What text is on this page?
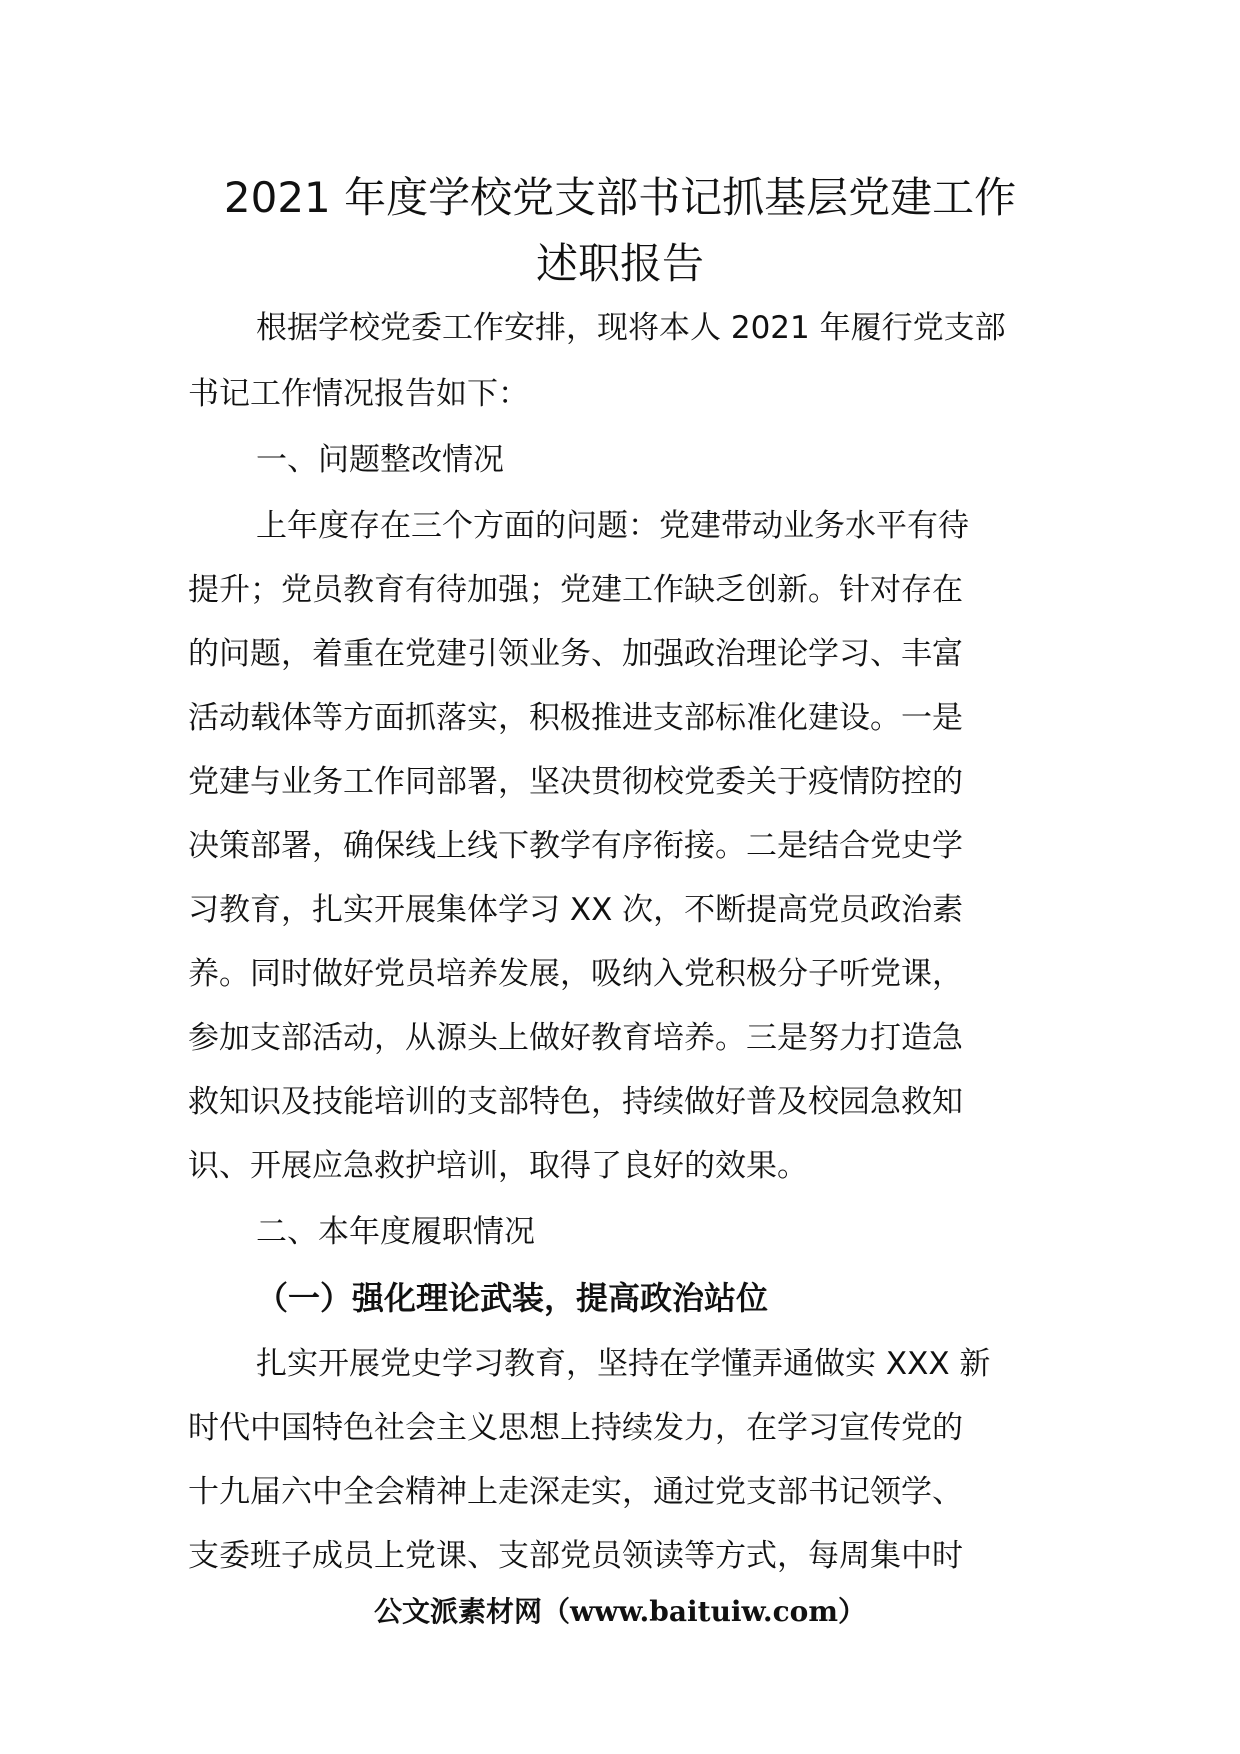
2021 年度学校党支部书记抓基层党建工作
述职报告

根据学校党委工作安排，现将本人 2021 年履行党支部

书记工作情况报告如下：

一、问题整改情况

上年度存在三个方面的问题：党建带动业务水平有待

提升；党员教育有待加强；党建工作缺乏创新。针对存在

的问题，着重在党建引领业务、加强政治理论学习、丰富

活动载体等方面抓落实，积极推进支部标准化建设。一是

党建与业务工作同部署，坚决贯彻校党委关于疫情防控的

决策部署，确保线上线下教学有序衔接。二是结合党史学

习教育，扎实开展集体学习 XX 次，不断提高党员政治素

养。同时做好党员培养发展，吸纳入党积极分子听党课，

参加支部活动，从源头上做好教育培养。三是努力打造急

救知识及技能培训的支部特色，持续做好普及校园急救知

识、开展应急救护培训，取得了良好的效果。

二、本年度履职情况

（一）强化理论武装，提高政治站位

扎实开展党史学习教育，坚持在学懂弄通做实 XXX 新

时代中国特色社会主义思想上持续发力，在学习宣传党的

十九届六中全会精神上走深走实，通过党支部书记领学、

支委班子成员上党课、支部党员领读等方式，每周集中时

公文派素材网（www.baituiw.com）
